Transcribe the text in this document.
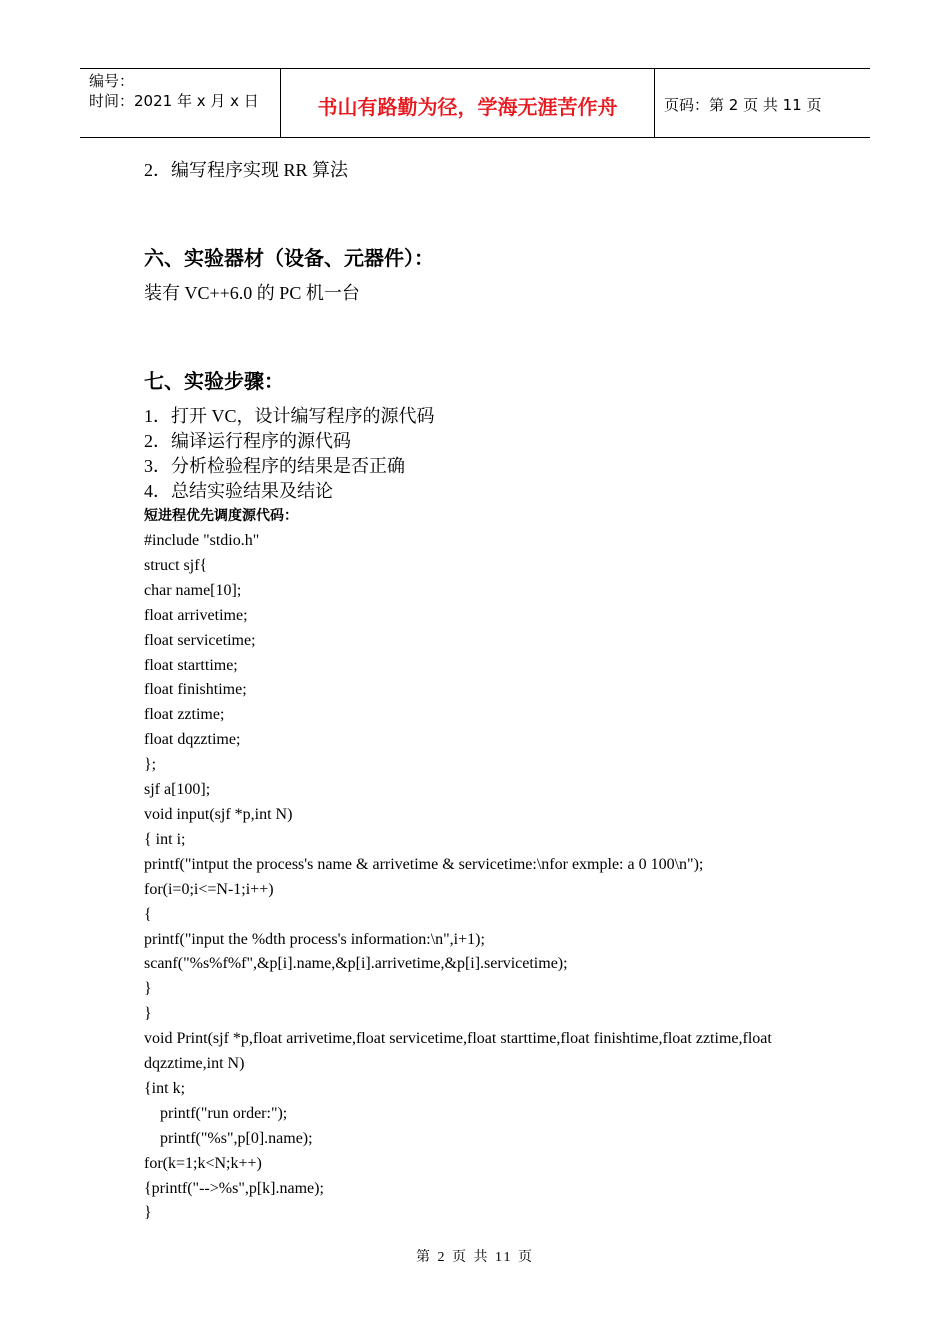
编号：
时间：2021 年 x 月 x 日	书山有路勤为径，学海无涯苦作舟	页码：第 2 页 共 11 页

2．编写程序实现 RR 算法

六、实验器材（设备、元器件）：

装有 VC++6.0 的 PC 机一台

七、实验步骤：

1．打开 VC，设计编写程序的源代码

2．编译运行程序的源代码

3．分析检验程序的结果是否正确

4．总结实验结果及结论

短进程优先调度源代码：

#include "stdio.h"

struct sjf{

char name[10];

float arrivetime;

float servicetime;

float starttime;

float finishtime;

float zztime;

float dqzztime;

};

sjf a[100];

void input(sjf *p,int N)

{ int i;

printf("intput the process's name & arrivetime & servicetime:\nfor exmple: a 0 100\n");

for(i=0;i<=N-1;i++)

{

printf("input the %dth process's information:\n",i+1);

scanf("%s%f%f",&p[i].name,&p[i].arrivetime,&p[i].servicetime);

}

}

void Print(sjf *p,float arrivetime,float servicetime,float starttime,float finishtime,float zztime,float dqzztime,int N)

{int k;

printf("run order:");

printf("%s",p[0].name);

for(k=1;k<N;k++)

{printf("-->%s",p[k].name);

}

第 2 页 共 11 页
